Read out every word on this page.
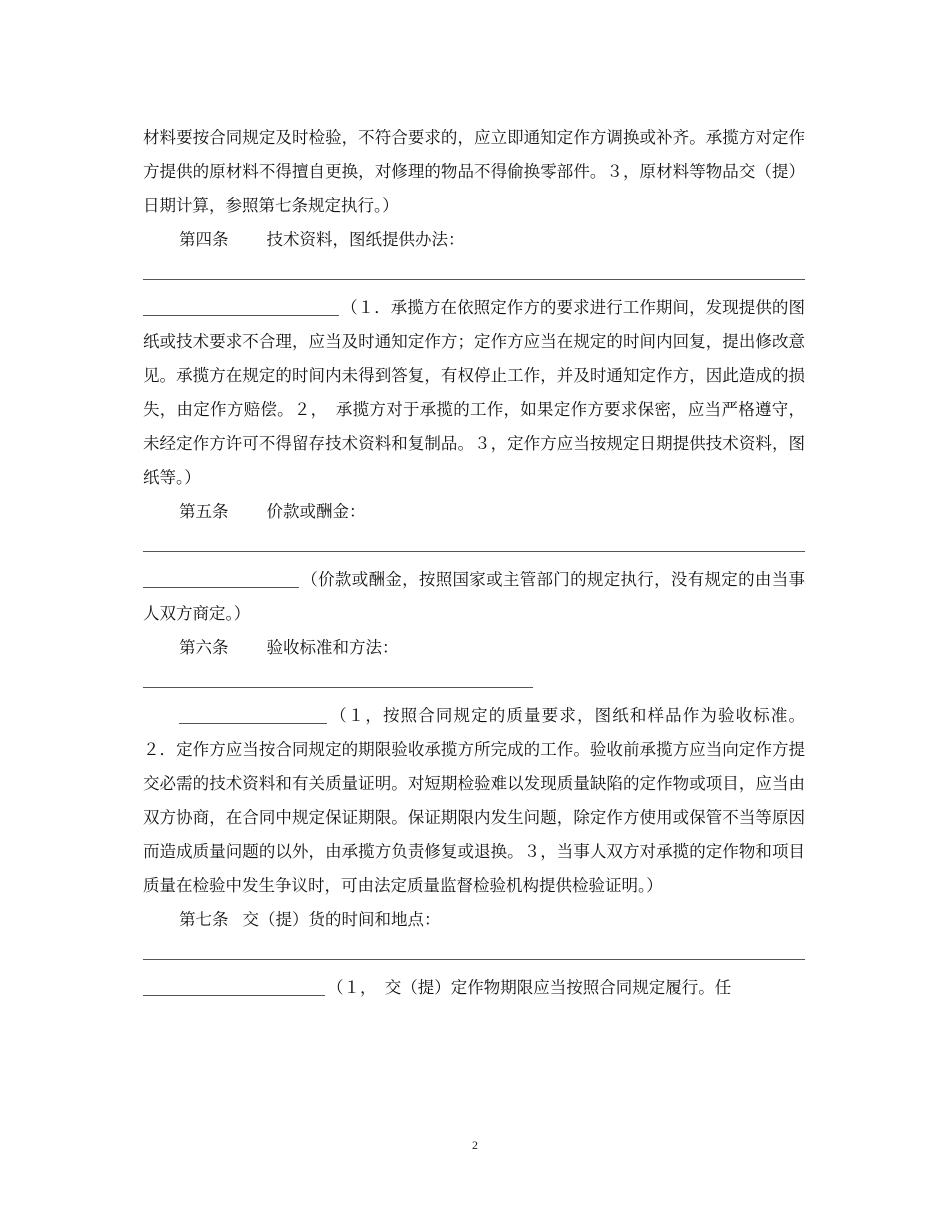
材料要按合同规定及时检验，不符合要求的，应立即通知定作方调换或补齐。承揽方对定作方提供的原材料不得擅自更换，对修理的物品不得偷换零部件。３，原材料等物品交（提）日期计算，参照第七条规定执行。）

第四条 技术资料，图纸提供办法：

（１．承揽方在依照定作方的要求进行工作期间，发现提供的图纸或技术要求不合理，应当及时通知定作方；定作方应当在规定的时间内回复，提出修改意见。承揽方在规定的时间内未得到答复，有权停止工作，并及时通知定作方，因此造成的损失，由定作方赔偿。２，　承揽方对于承揽的工作，如果定作方要求保密，应当严格遵守，未经定作方许可不得留存技术资料和复制品。３，定作方应当按规定日期提供技术资料，图纸等。）

第五条 价款或酬金：

（价款或酬金，按照国家或主管部门的规定执行，没有规定的由当事人双方商定。）

第六条 验收标准和方法：

（１，按照合同规定的质量要求，图纸和样品作为验收标准。２．定作方应当按合同规定的期限验收承揽方所完成的工作。验收前承揽方应当向定作方提交必需的技术资料和有关质量证明。对短期检验难以发现质量缺陷的定作物或项目，应当由双方协商，在合同中规定保证期限。保证期限内发生问题，除定作方使用或保管不当等原因而造成质量问题的以外，由承揽方负责修复或退换。３，当事人双方对承揽的定作物和项目质量在检验中发生争议时，可由法定质量监督检验机构提供检验证明。）

第七条 交（提）货的时间和地点：

（１，　交（提）定作物期限应当按照合同规定履行。任

2
